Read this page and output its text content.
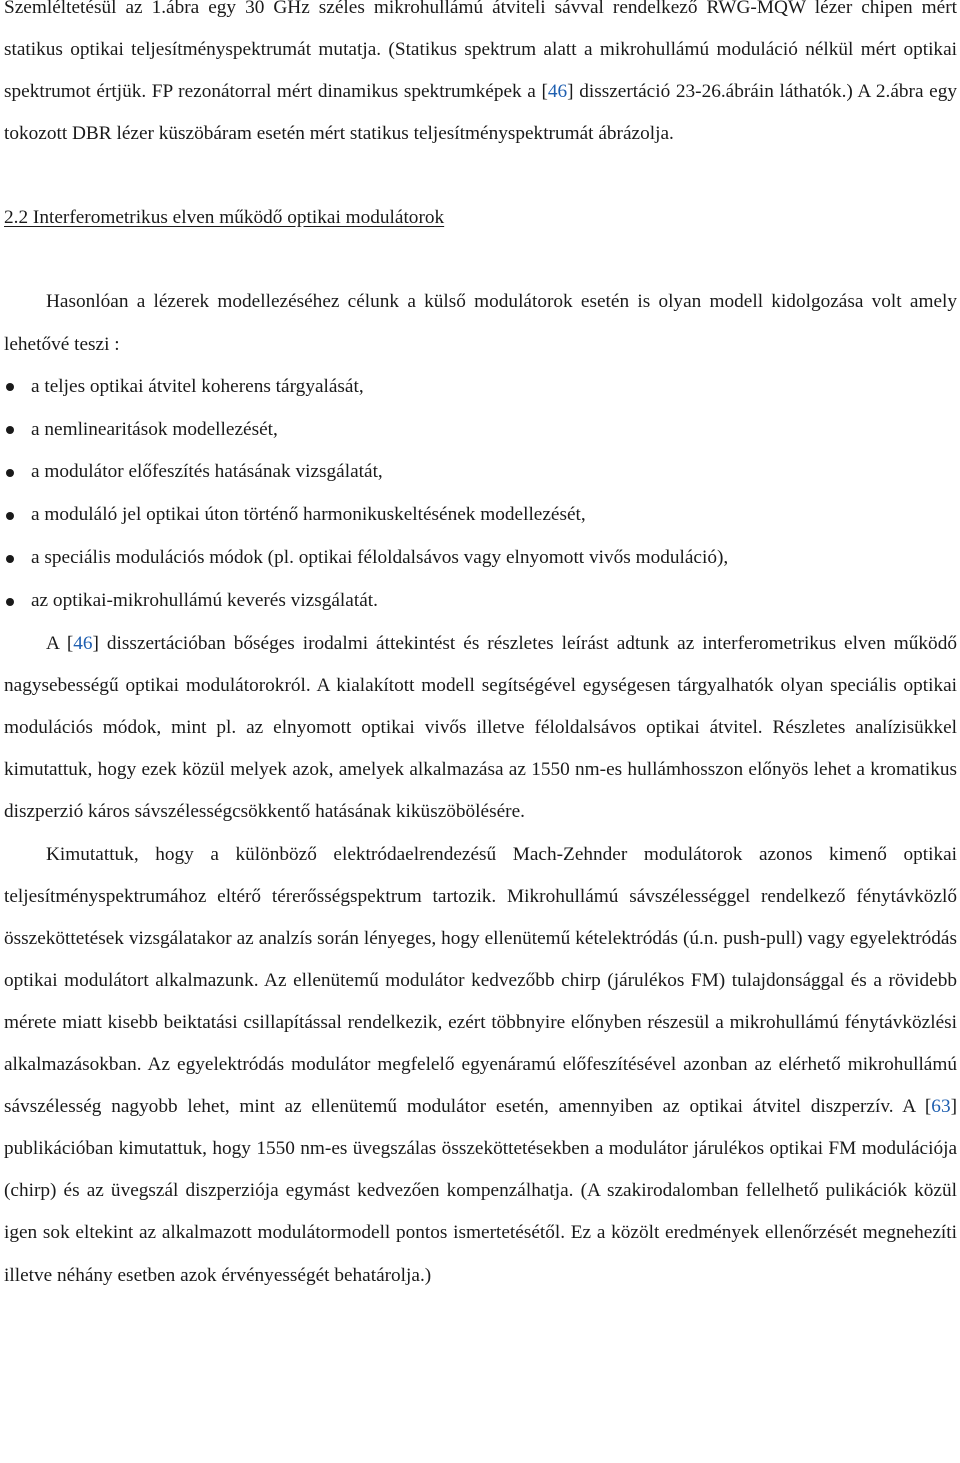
Szemléltetésül az 1.ábra egy 30 GHz széles mikrohullámú átviteli sávval rendelkező RWG-MQW lézer chipen mért statikus optikai teljesítményspektrumát mutatja. (Statikus spektrum alatt a mikrohullámú moduláció nélkül mért optikai spektrumot értjük. FP rezonátorral mért dinamikus spektrumképek a [46] disszertáció 23-26.ábráin láthatók.) A 2.ábra egy tokozott DBR lézer küszöbáram esetén mért statikus teljesítményspektrumát ábrázolja.

2.2 Interferometrikus elven működő optikai modulátorok

Hasonlóan a lézerek modellezéséhez célunk a külső modulátorok esetén is olyan modell kidolgozása volt amely lehetővé teszi :

a teljes optikai átvitel koherens tárgyalását,
a nemlinearitások modellezését,
a modulátor előfeszítés hatásának vizsgálatát,
a moduláló jel optikai úton történő harmonikuskeltésének modellezését,
a speciális modulációs módok (pl. optikai féloldalsávos vagy elnyomott vivős moduláció),
az optikai-mikrohullámú keverés vizsgálatát.

A [46] disszertációban bőséges irodalmi áttekintést és részletes leírást adtunk az interferometrikus elven működő nagysebességű optikai modulátorokról. A kialakított modell segítségével egységesen tárgyalhatók olyan speciális optikai modulációs módok, mint pl. az elnyomott optikai vivős illetve féloldalsávos optikai átvitel. Részletes analízisükkel kimutattuk, hogy ezek közül melyek azok, amelyek alkalmazása az 1550 nm-es hullámhosszon előnyös lehet a kromatikus diszperzió káros sávszélességcsökkentő hatásának kiküszöbölésére.

Kimutattuk, hogy a különböző elektródaelrendezésű Mach-Zehnder modulátorok azonos kimenő optikai teljesítményspektrumához eltérő térerősségspektrum tartozik. Mikrohullámú sávszélességgel rendelkező fénytávközlő összeköttetések vizsgálatakor az analzís során lényeges, hogy ellenütemű kételektródás (ú.n. push-pull) vagy egyelektródás optikai modulátort alkalmazunk. Az ellenütemű modulátor kedvezőbb chirp (járulékos FM) tulajdonsággal és a rövidebb mérete miatt kisebb beiktatási csillapítással rendelkezik, ezért többnyire előnyben részesül a mikrohullámú fénytávközlési alkalmazásokban. Az egyelektródás modulátor megfelelő egyenáramú előfeszítésével azonban az elérhető mikrohullámú sávszélesség nagyobb lehet, mint az ellenütemű modulátor esetén, amennyiben az optikai átvitel diszperzív. A [63] publikációban kimutattuk, hogy 1550 nm-es üvegszálas összeköttetésekben a modulátor járulékos optikai FM modulációja (chirp) és az üvegszál diszperziója egymást kedvezően kompenzálhatja. (A szakirodalomban fellelhető pulikációk közül igen sok eltekint az alkalmazott modulátormodell pontos ismertetésétől. Ez a közölt eredmények ellenőrzését megnehezíti illetve néhány esetben azok érvényességét behatárolja.)
